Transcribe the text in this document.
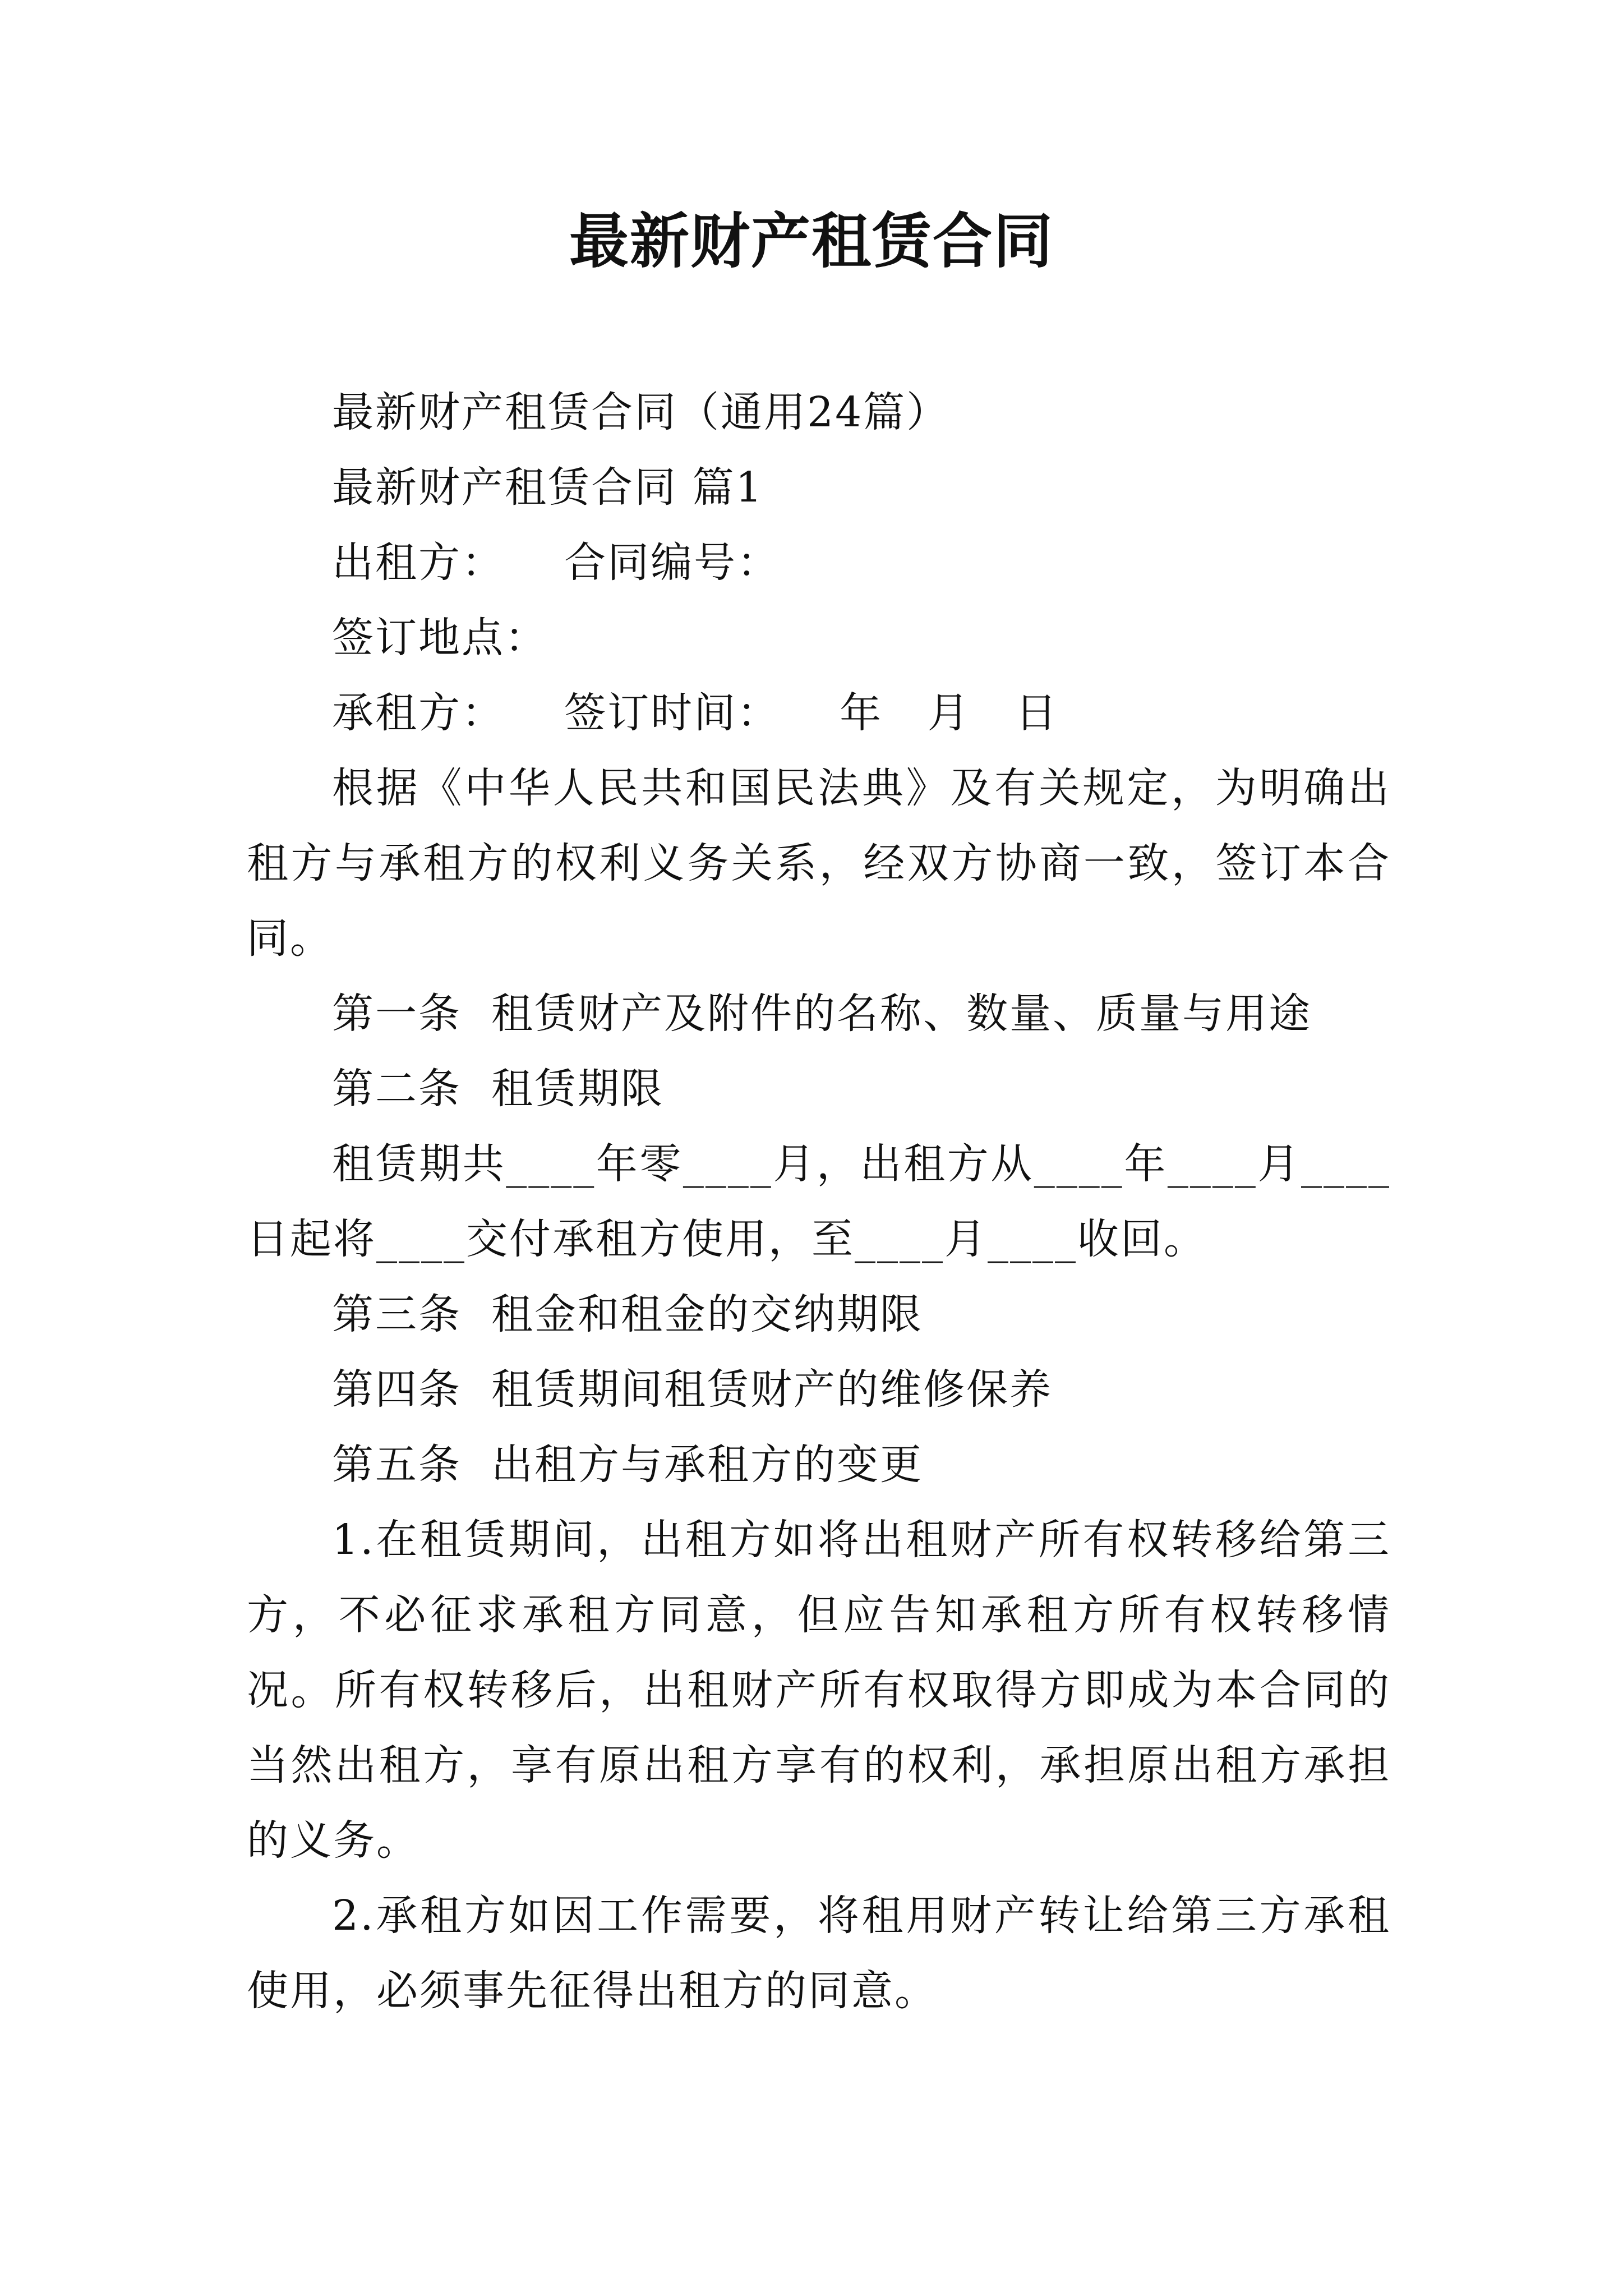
最新财产租赁合同

最新财产租赁合同（通用24篇）

最新财产租赁合同 篇1

出租方：    合同编号：

签订地点：

承租方：    签订时间：    年   月   日

根据《中华人民共和国民法典》及有关规定，为明确出租方与承租方的权利义务关系，经双方协商一致，签订本合同。

第一条  租赁财产及附件的名称、数量、质量与用途

第二条  租赁期限

租赁期共____年零____月，出租方从____年____月____日起将____交付承租方使用，至____月____收回。

第三条  租金和租金的交纳期限

第四条  租赁期间租赁财产的维修保养

第五条  出租方与承租方的变更

1.在租赁期间，出租方如将出租财产所有权转移给第三方，不必征求承租方同意，但应告知承租方所有权转移情况。所有权转移后，出租财产所有权取得方即成为本合同的当然出租方，享有原出租方享有的权利，承担原出租方承担的义务。

2.承租方如因工作需要，将租用财产转让给第三方承租使用，必须事先征得出租方的同意。
